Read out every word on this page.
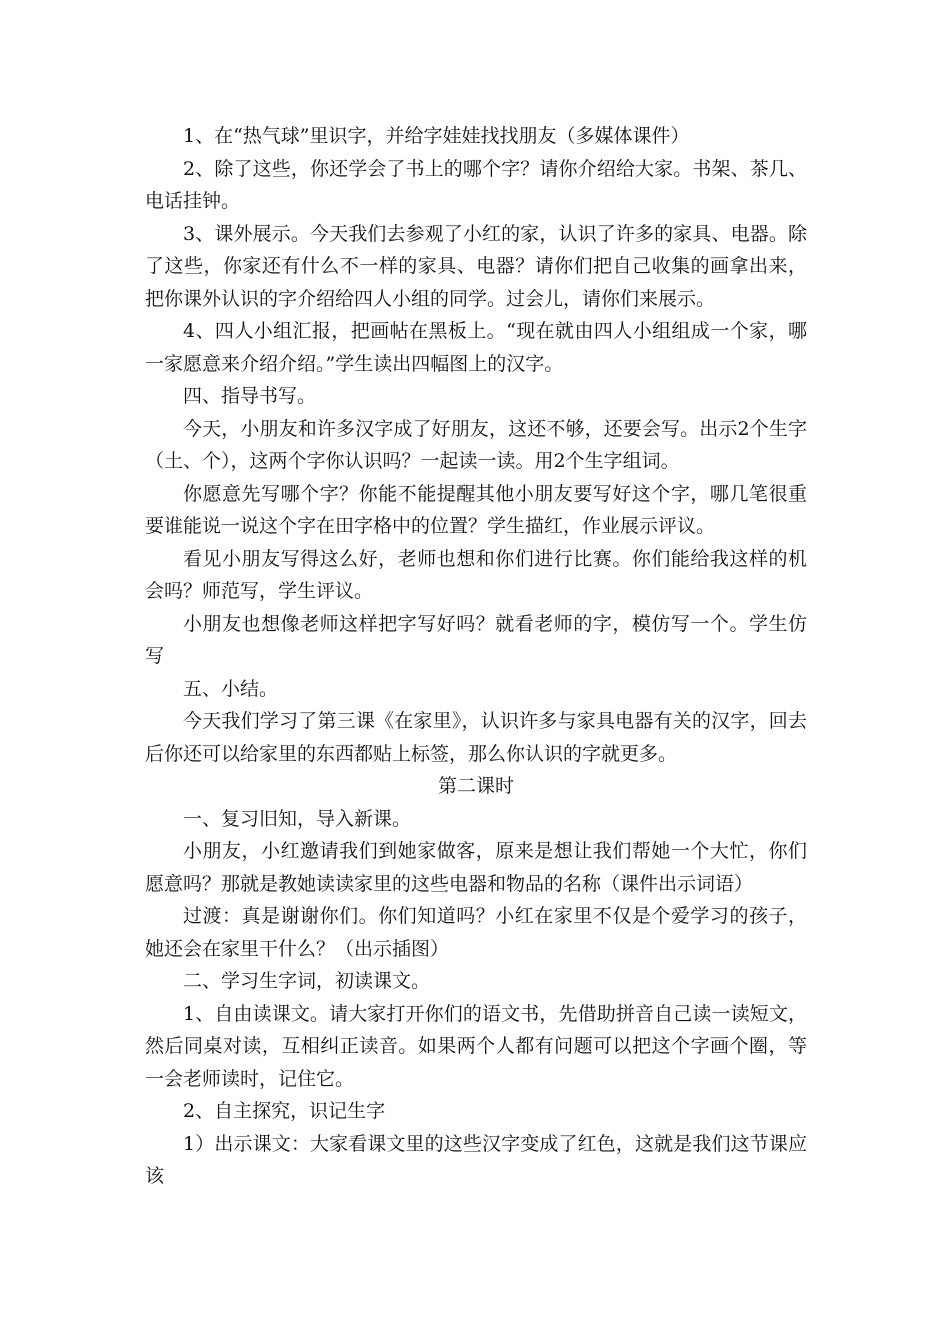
1、在“热气球”里识字，并给字娃娃找找朋友（多媒体课件）

2、除了这些，你还学会了书上的哪个字？请你介绍给大家。书架、茶几、电话挂钟。

3、课外展示。今天我们去参观了小红的家，认识了许多的家具、电器。除了这些，你家还有什么不一样的家具、电器？请你们把自己收集的画拿出来，把你课外认识的字介绍给四人小组的同学。过会儿，请你们来展示。

4、四人小组汇报，把画帖在黑板上。“现在就由四人小组组成一个家，哪一家愿意来介绍介绍。”学生读出四幅图上的汉字。

四、指导书写。

今天，小朋友和许多汉字成了好朋友，这还不够，还要会写。出示2个生字（土、个），这两个字你认识吗？一起读一读。用2个生字组词。

你愿意先写哪个字？你能不能提醒其他小朋友要写好这个字，哪几笔很重要谁能说一说这个字在田字格中的位置？学生描红，作业展示评议。

看见小朋友写得这么好，老师也想和你们进行比赛。你们能给我这样的机会吗？师范写，学生评议。

小朋友也想像老师这样把字写好吗？就看老师的字，模仿写一个。学生仿写

五、小结。

今天我们学习了第三课《在家里》，认识许多与家具电器有关的汉字，回去后你还可以给家里的东西都贴上标签，那么你认识的字就更多。

第二课时

一、复习旧知，导入新课。

小朋友，小红邀请我们到她家做客，原来是想让我们帮她一个大忙，你们愿意吗？那就是教她读读家里的这些电器和物品的名称（课件出示词语）

过渡：真是谢谢你们。你们知道吗？小红在家里不仅是个爱学习的孩子，她还会在家里干什么？（出示插图）

二、学习生字词，初读课文。

1、自由读课文。请大家打开你们的语文书，先借助拼音自己读一读短文，然后同桌对读，互相纠正读音。如果两个人都有问题可以把这个字画个圈，等一会老师读时，记住它。

2、自主探究，识记生字

1）出示课文：大家看课文里的这些汉字变成了红色，这就是我们这节课应该
